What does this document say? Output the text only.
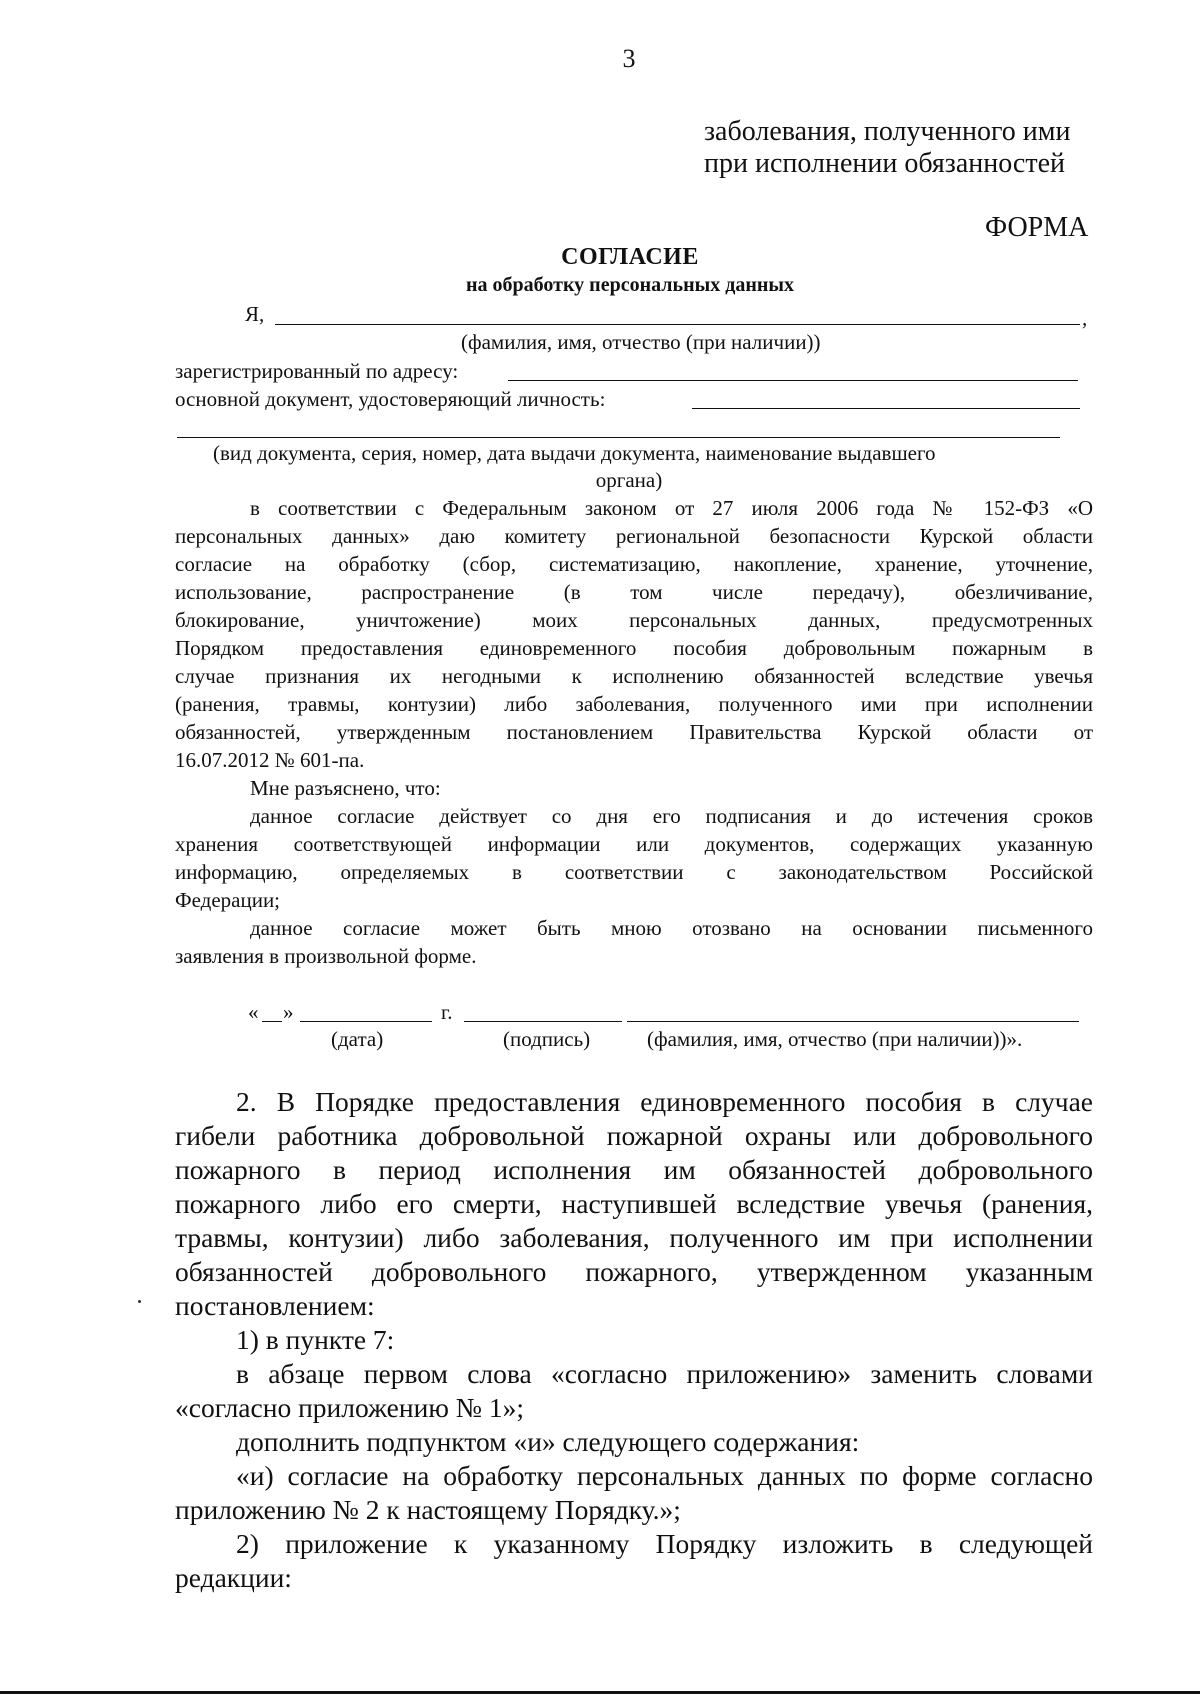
3
заболевания, полученного ими
при исполнении обязанностей
ФОРМА
СОГЛАСИЕ
на обработку персональных данных
Я,	,
(фамилия, имя, отчество (при наличии))
зарегистрированный по адресу:
основной документ, удостоверяющий личность:
(вид документа, серия, номер, дата выдачи документа, наименование выдавшего
органа)
в соответствии с Федеральным законом от 27 июля 2006 года № 152-ФЗ «О
персональных данных» даю комитету региональной безопасности Курской области
согласие на обработку (сбор, систематизацию, накопление, хранение, уточнение,
использование, распространение (в том числе передачу), обезличивание,
блокирование, уничтожение) моих персональных данных, предусмотренных
Порядком предоставления единовременного пособия добровольным пожарным в
случае признания их негодными к исполнению обязанностей вследствие увечья
(ранения, травмы, контузии) либо заболевания, полученного ими при исполнении
обязанностей, утвержденным постановлением Правительства Курской области от
16.07.2012 № 601-па.
Мне разъяснено, что:
данное согласие действует со дня его подписания и до истечения сроков
хранения соответствующей информации или документов, содержащих указанную
информацию, определяемых в соответствии с законодательством Российской
Федерации;
данное согласие может быть мною отозвано на основании письменного
заявления в произвольной форме.
« »	г.
(дата)	(подпись)	(фамилия, имя, отчество (при наличии))».
2. В Порядке предоставления единовременного пособия в случае
гибели работника добровольной пожарной охраны или добровольного
пожарного в период исполнения им обязанностей добровольного
пожарного либо его смерти, наступившей вследствие увечья (ранения,
травмы, контузии) либо заболевания, полученного им при исполнении
обязанностей добровольного пожарного, утвержденном указанным
постановлением:
1) в пункте 7:
в абзаце первом слова «согласно приложению» заменить словами
«согласно приложению № 1»;
дополнить подпунктом «и» следующего содержания:
«и) согласие на обработку персональных данных по форме согласно
приложению № 2 к настоящему Порядку.»;
2) приложение к указанному Порядку изложить в следующей
редакции:
